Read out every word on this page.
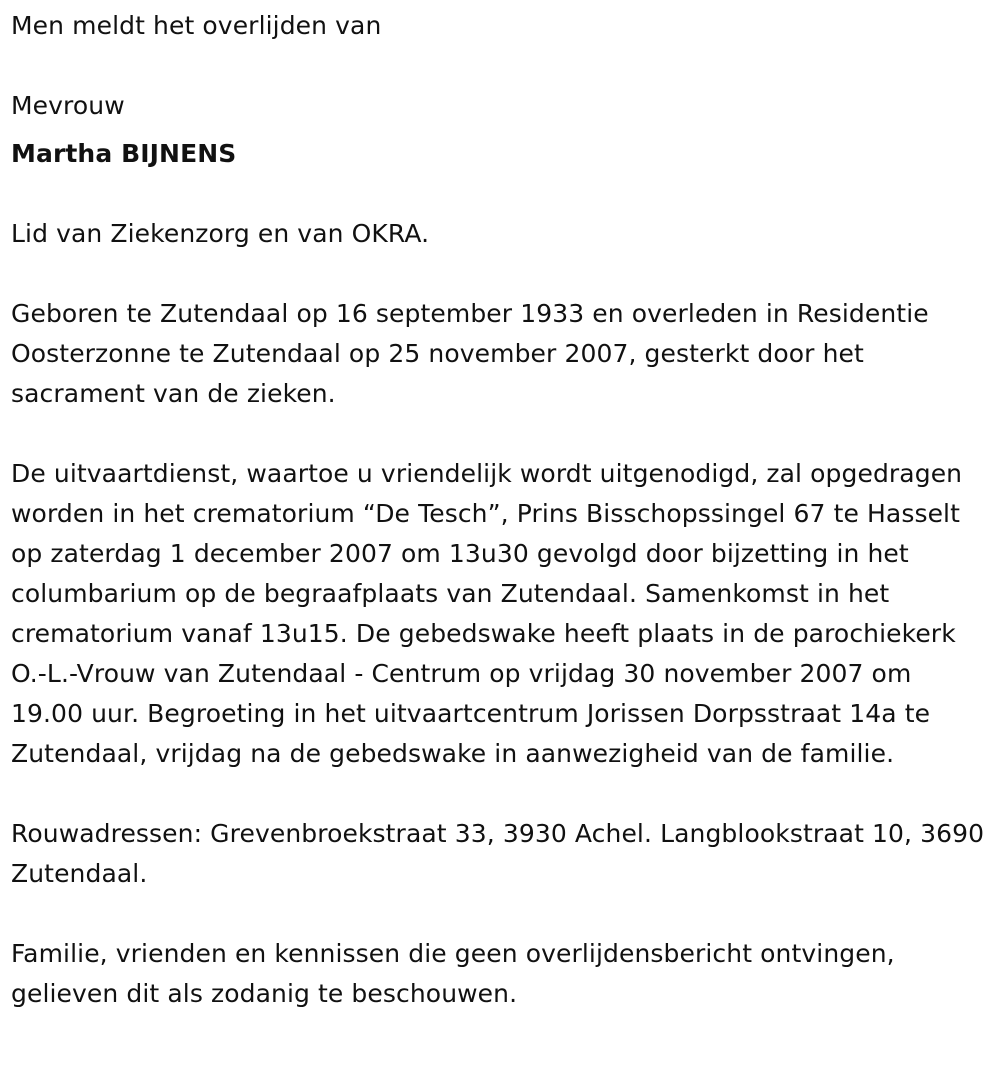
Men meldt het overlijden van

Mevrouw

Martha BIJNENS

Lid van Ziekenzorg en van OKRA.

Geboren te Zutendaal op 16 september 1933 en overleden in Residentie Oosterzonne te Zutendaal op 25 november 2007, gesterkt door het sacrament van de zieken.

De uitvaartdienst, waartoe u vriendelijk wordt uitgenodigd, zal opgedragen worden in het crematorium “De Tesch”, Prins Bisschopssingel 67 te Hasselt op zaterdag 1 december 2007 om 13u30 gevolgd door bijzetting in het columbarium op de begraafplaats van Zutendaal. Samenkomst in het crematorium vanaf 13u15. De gebedswake heeft plaats in de parochiekerk O.-L.-Vrouw van Zutendaal - Centrum op vrijdag 30 november 2007 om 19.00 uur. Begroeting in het uitvaartcentrum Jorissen Dorpsstraat 14a te Zutendaal, vrijdag na de gebedswake in aanwezigheid van de familie.

Rouwadressen: Grevenbroekstraat 33, 3930 Achel. Langblookstraat 10, 3690 Zutendaal.

Familie, vrienden en kennissen die geen overlijdensbericht ontvingen, gelieven dit als zodanig te beschouwen.
